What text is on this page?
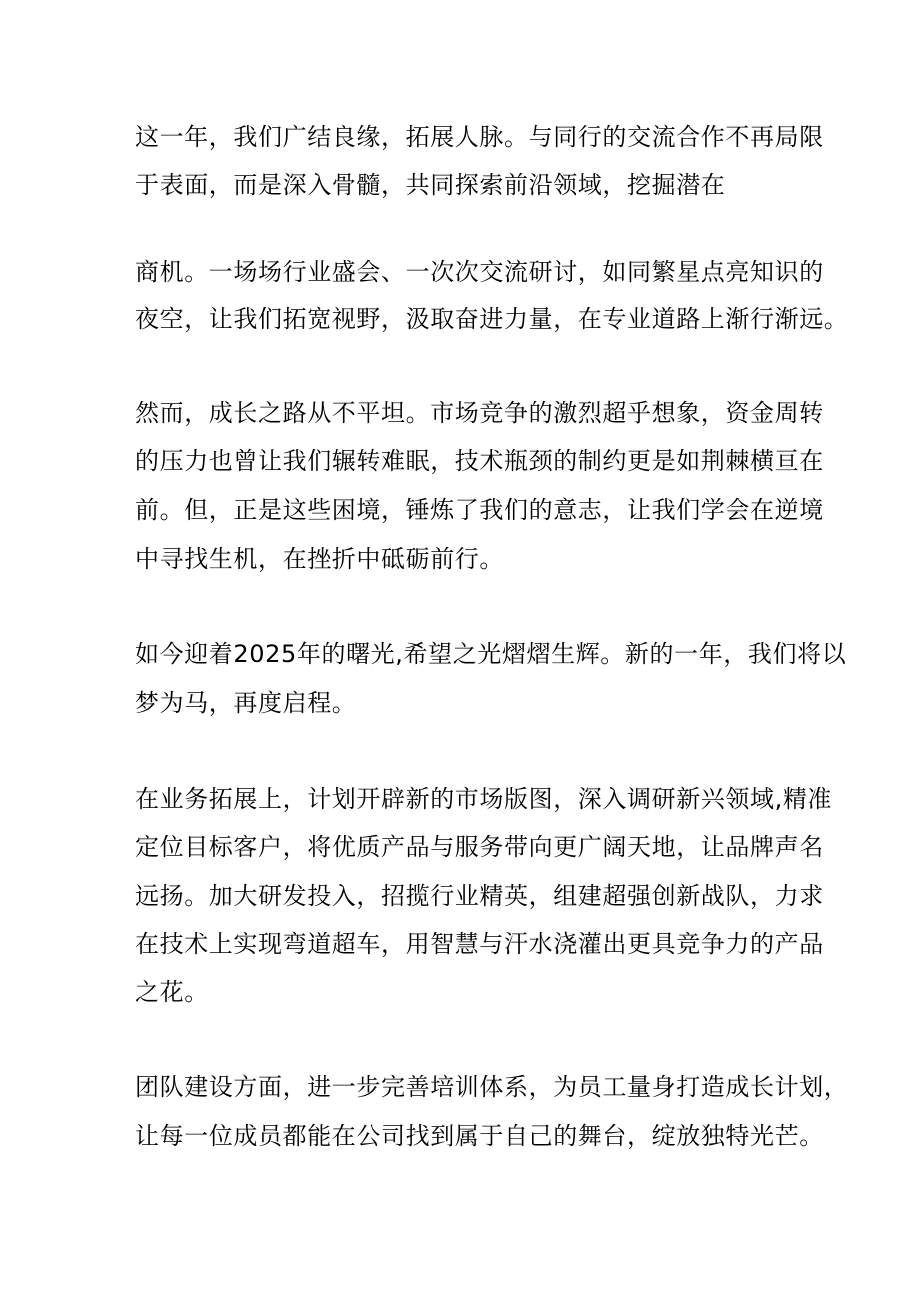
这一年，我们广结良缘，拓展人脉。与同行的交流合作不再局限
于表面，而是深入骨髓，共同探索前沿领域，挖掘潜在
商机。一场场行业盛会、一次次交流研讨，如同繁星点亮知识的
夜空，让我们拓宽视野，汲取奋进力量，在专业道路上渐行渐远。
然而，成长之路从不平坦。市场竞争的激烈超乎想象，资金周转
的压力也曾让我们辗转难眠，技术瓶颈的制约更是如荆棘横亘在
前。但，正是这些困境，锤炼了我们的意志，让我们学会在逆境
中寻找生机，在挫折中砥砺前行。
如今迎着2025年的曙光,希望之光熠熠生辉。新的一年，我们将以
梦为马，再度启程。
在业务拓展上，计划开辟新的市场版图，深入调研新兴领域,精准
定位目标客户，将优质产品与服务带向更广阔天地，让品牌声名
远扬。加大研发投入，招揽行业精英，组建超强创新战队，力求
在技术上实现弯道超车，用智慧与汗水浇灌出更具竞争力的产品
之花。
团队建设方面，进一步完善培训体系，为员工量身打造成长计划，
让每一位成员都能在公司找到属于自己的舞台，绽放独特光芒。
